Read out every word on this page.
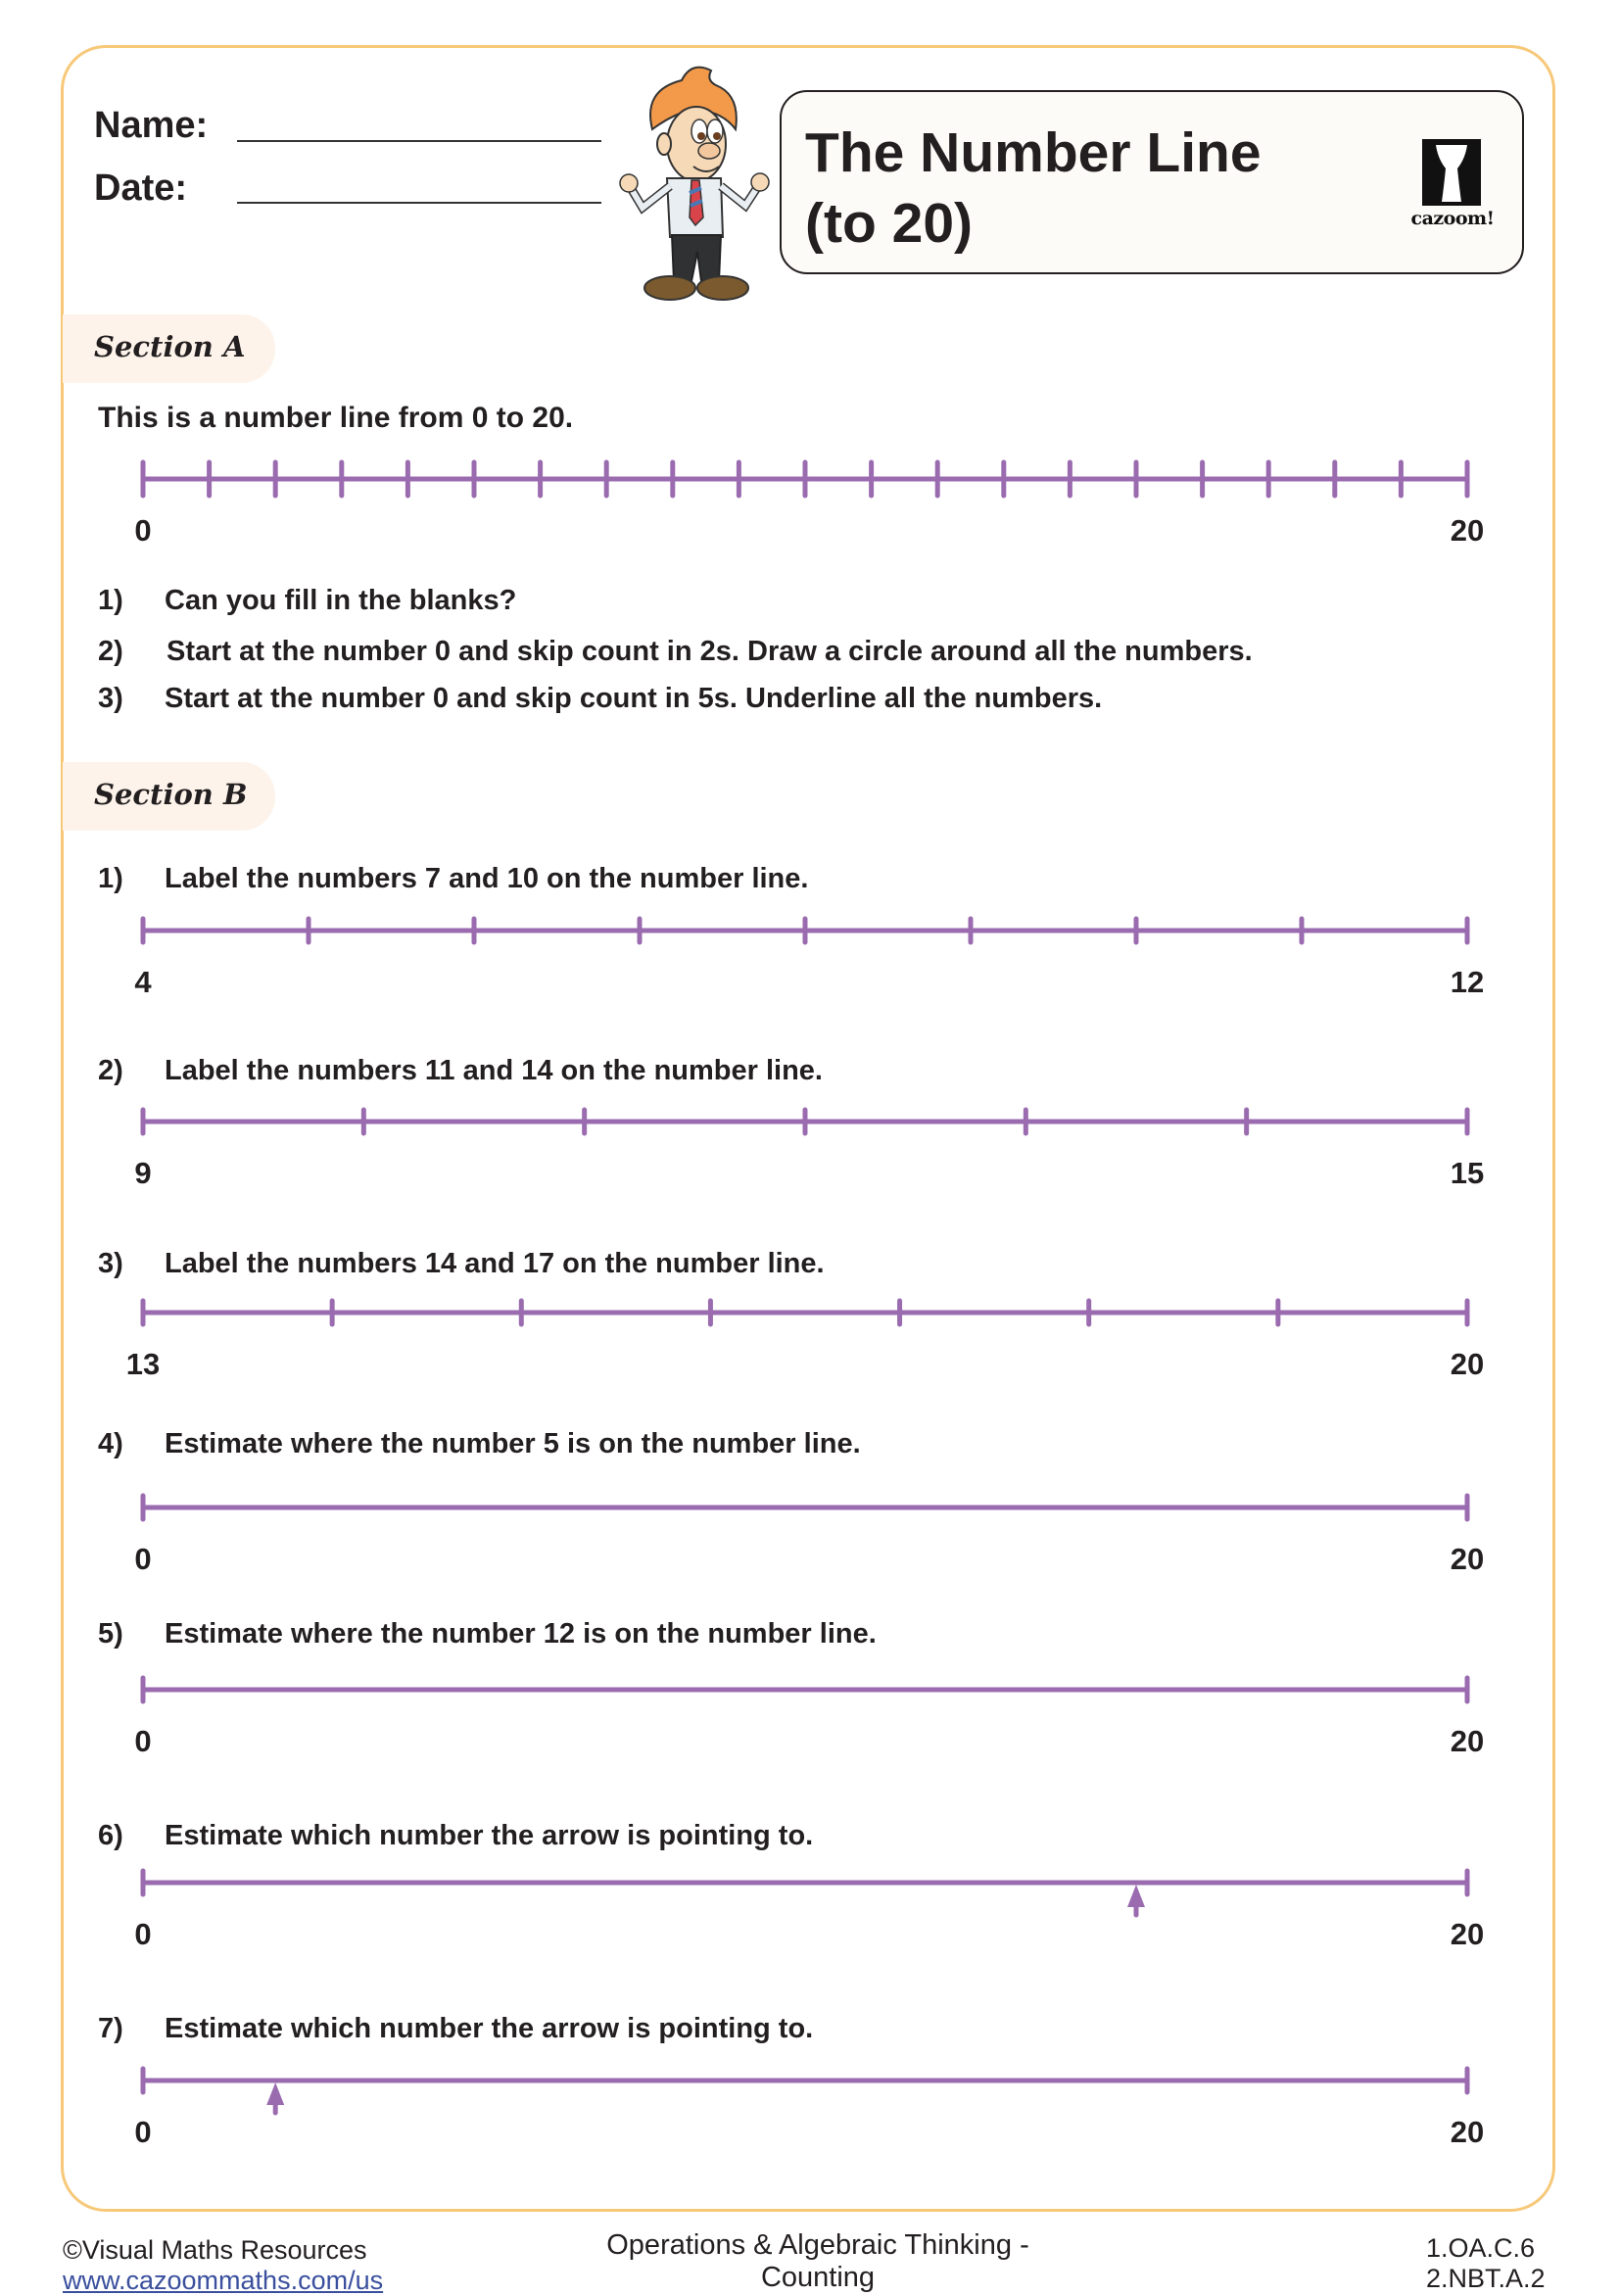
Name:
Date:
The Number Line
(to 20)	cazoom!
Section A
This is a number line from 0 to 20.
0	20
1) Can you fill in the blanks?
2) Start at the number 0 and skip count in 2s. Draw a circle around all the numbers.
3) Start at the number 0 and skip count in 5s. Underline all the numbers.
Section B
1) Label the numbers 7 and 10 on the number line.
4	12
2) Label the numbers 11 and 14 on the number line.
9	15
3) Label the numbers 14 and 17 on the number line.
13	20
4) Estimate where the number 5 is on the number line.
0	20
5) Estimate where the number 12 is on the number line.
0	20
6) Estimate which number the arrow is pointing to.
0	20
7) Estimate which number the arrow is pointing to.
0	20
©Visual Maths Resources
www.cazoommaths.com/us
Operations & Algebraic Thinking -
Counting
1.OA.C.6
2.NBT.A.2
